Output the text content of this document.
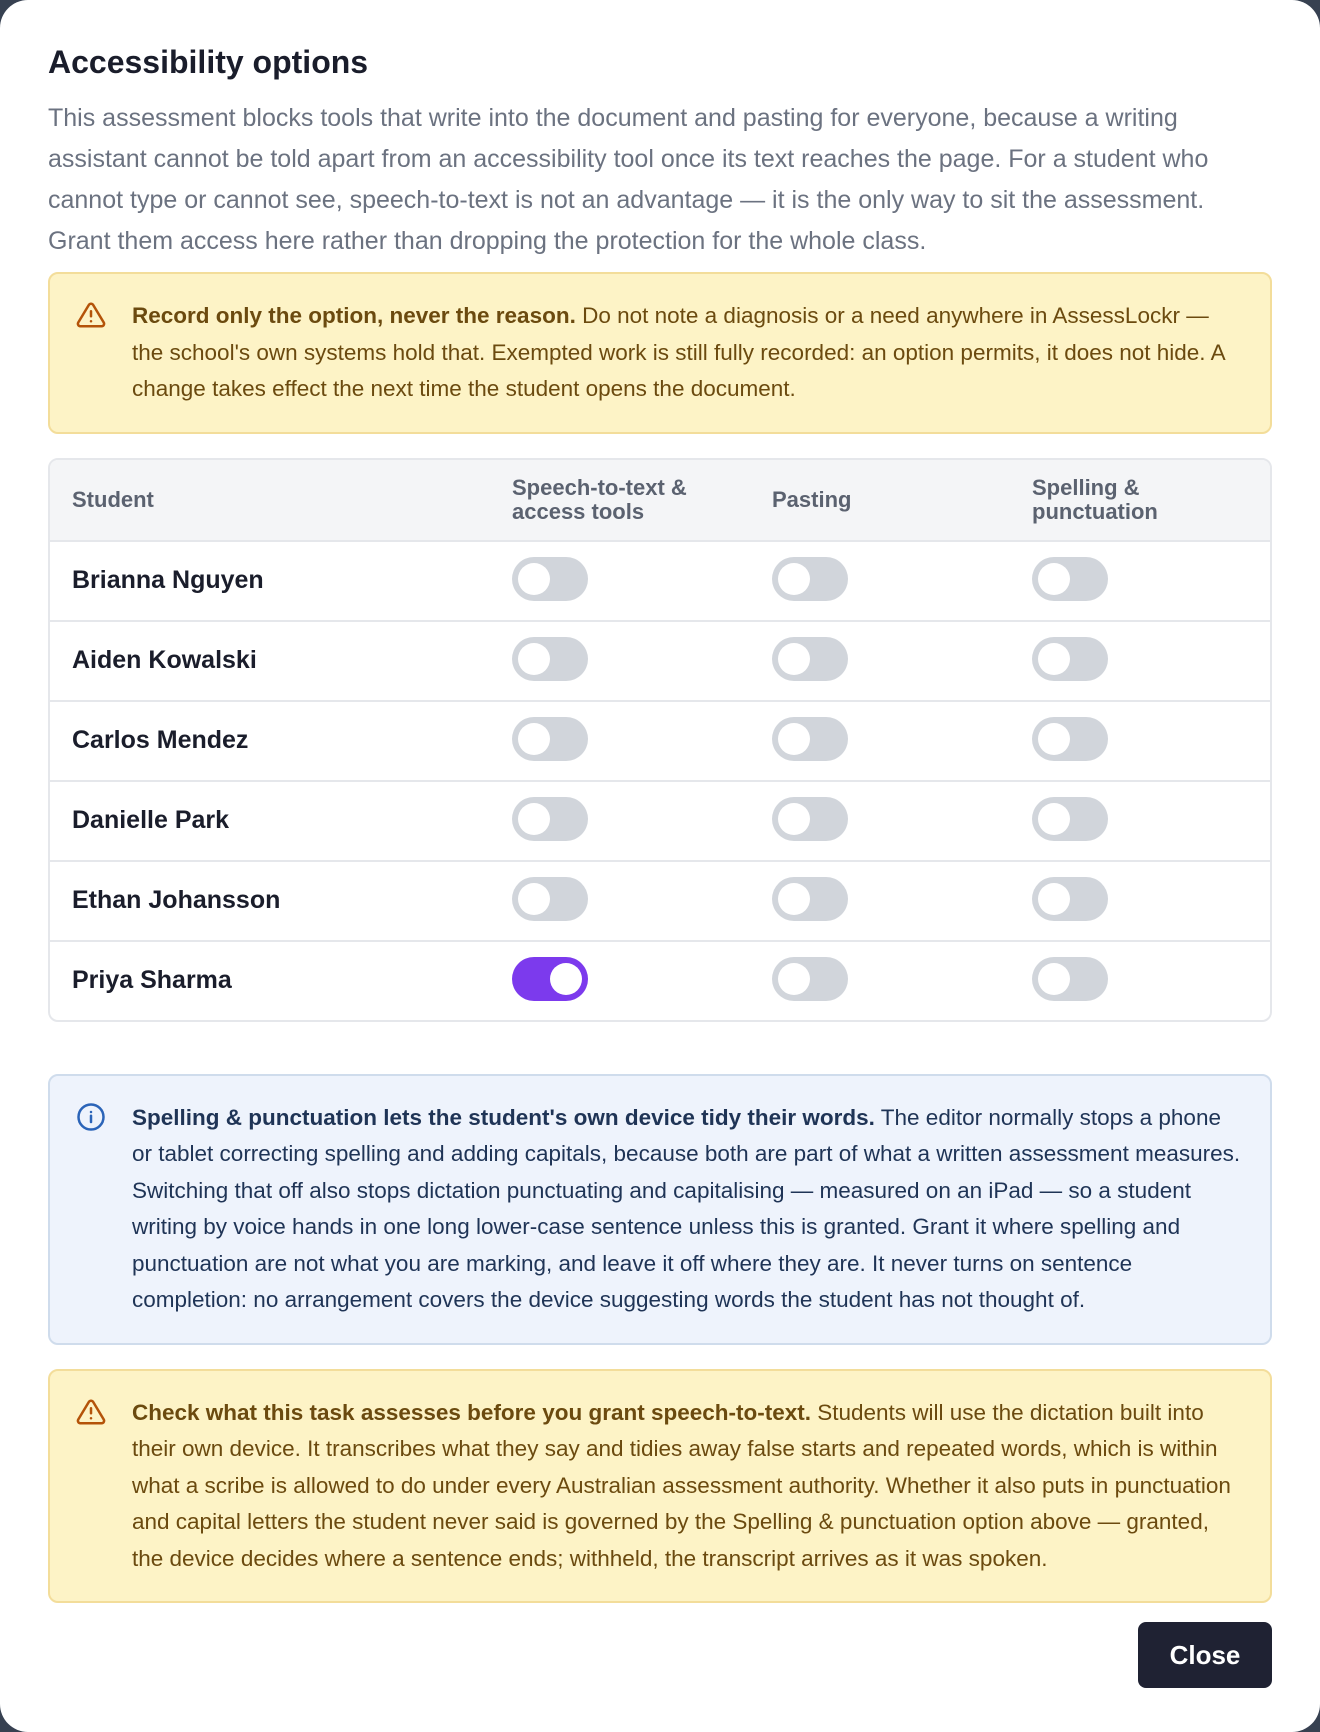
Accessibility options

This assessment blocks tools that write into the document and pasting for everyone, because a writing assistant cannot be told apart from an accessibility tool once its text reaches the page. For a student who cannot type or cannot see, speech-to-text is not an advantage — it is the only way to sit the assessment. Grant them access here rather than dropping the protection for the whole class.

Record only the option, never the reason. Do not note a diagnosis or a need anywhere in AssessLockr — the school's own systems hold that. Exempted work is still fully recorded: an option permits, it does not hide. A change takes effect the next time the student opens the document.
Student	Speech-to-text & access tools	Pasting	Spelling & punctuation
Brianna Nguyen	

Aiden Kowalski	

Carlos Mendez	

Danielle Park	

Ethan Johansson	

Priya Sharma	

Spelling & punctuation lets the student's own device tidy their words. The editor normally stops a phone or tablet correcting spelling and adding capitals, because both are part of what a written assessment measures. Switching that off also stops dictation punctuating and capitalising — measured on an iPad — so a student writing by voice hands in one long lower-case sentence unless this is granted. Grant it where spelling and punctuation are not what you are marking, and leave it off where they are. It never turns on sentence completion: no arrangement covers the device suggesting words the student has not thought of.
Check what this task assesses before you grant speech-to-text. Students will use the dictation built into their own device. It transcribes what they say and tidies away false starts and repeated words, which is within what a scribe is allowed to do under every Australian assessment authority. Whether it also puts in punctuation and capital letters the student never said is governed by the Spelling & punctuation option above — granted, the device decides where a sentence ends; withheld, the transcript arrives as it was spoken.
Close
